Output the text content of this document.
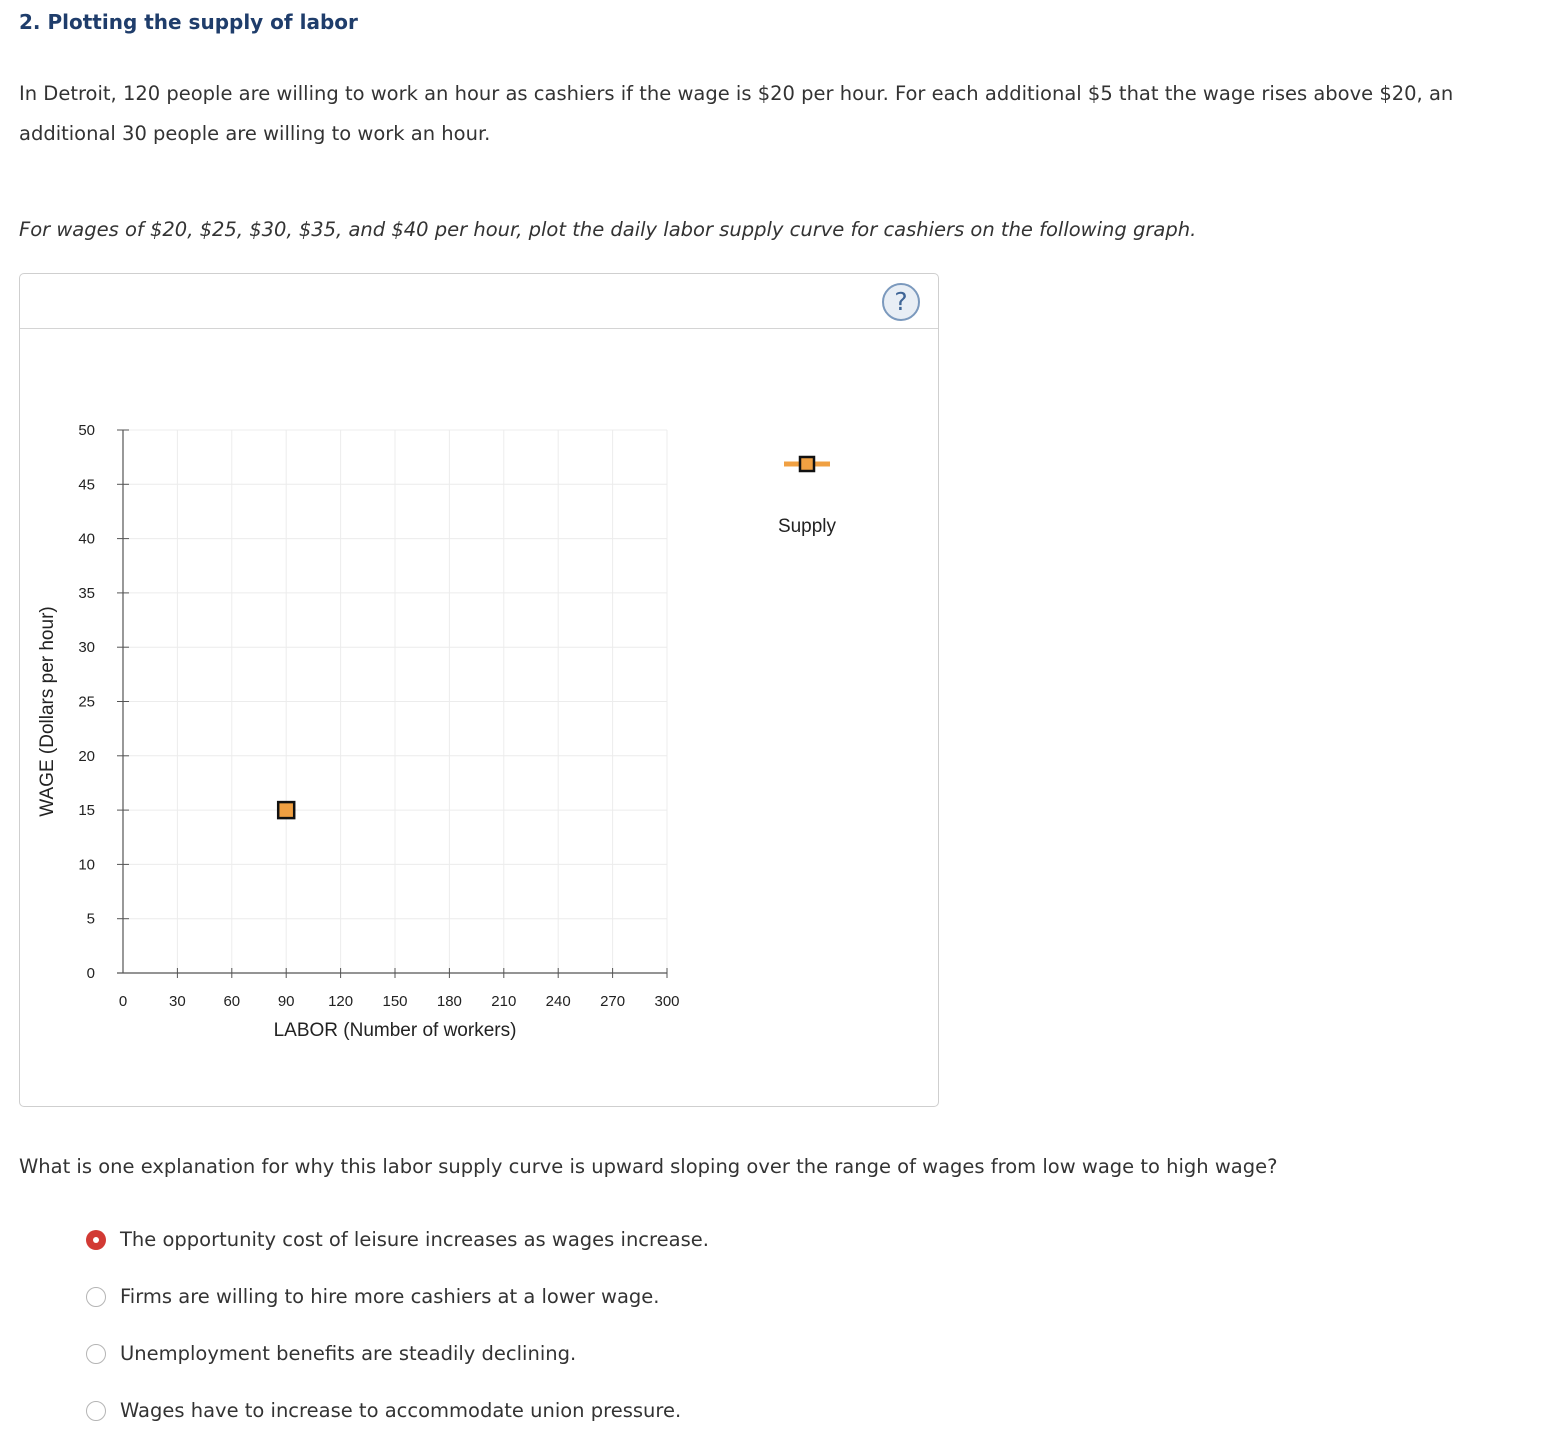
2. Plotting the supply of labor

In Detroit, 120 people are willing to work an hour as cashiers if the wage is $20 per hour. For each additional $5 that the wage rises above $20, an additional 30 people are willing to work an hour.

For wages of $20, $25, $30, $35, and $40 per hour, plot the daily labor supply curve for cashiers on the following graph.

?
0	30	60	90 120 150 180 210 240 270 300
0
5
10
15
20
25
30
35
40
45
50
LABOR (Number of workers)
WAGE (Dollars per hour)
Supply

What is one explanation for why this labor supply curve is upward sloping over the range of wages from low wage to high wage?

The opportunity cost of leisure increases as wages increase.
Firms are willing to hire more cashiers at a lower wage.
Unemployment benefits are steadily declining.
Wages have to increase to accommodate union pressure.
